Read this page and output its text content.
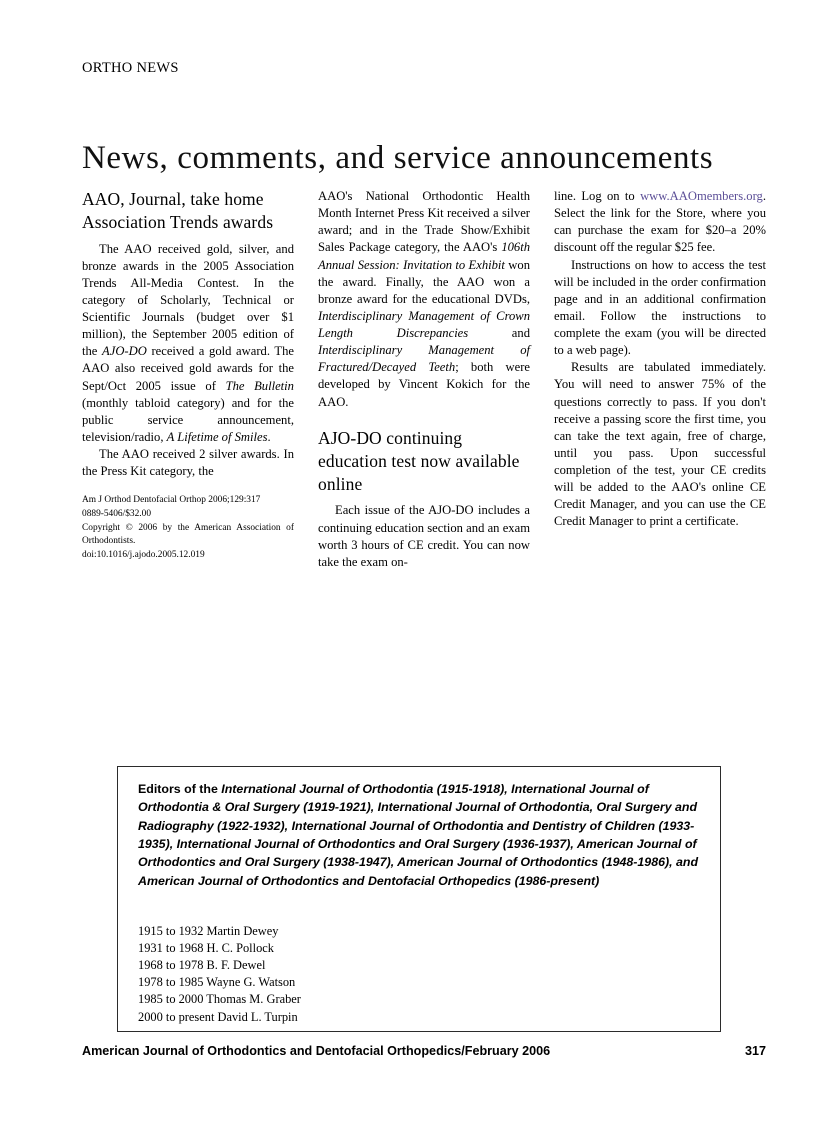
ORTHO NEWS
News, comments, and service announcements
AAO, Journal, take home Association Trends awards

The AAO received gold, silver, and bronze awards in the 2005 Association Trends All-Media Contest. In the category of Scholarly, Technical or Scientific Journals (budget over $1 million), the September 2005 edition of the AJO-DO received a gold award. The AAO also received gold awards for the Sept/Oct 2005 issue of The Bulletin (monthly tabloid category) and for the public service announcement, television/radio, A Lifetime of Smiles.

The AAO received 2 silver awards. In the Press Kit category, the

Am J Orthod Dentofacial Orthop 2006;129:317
0889-5406/$32.00
Copyright © 2006 by the American Association of Orthodontists.
doi:10.1016/j.ajodo.2005.12.019

AAO's National Orthodontic Health Month Internet Press Kit received a silver award; and in the Trade Show/Exhibit Sales Package category, the AAO's 106th Annual Session: Invitation to Exhibit won the award. Finally, the AAO won a bronze award for the educational DVDs, Interdisciplinary Management of Crown Length Discrepancies and Interdisciplinary Management of Fractured/Decayed Teeth; both were developed by Vincent Kokich for the AAO.

AJO-DO continuing education test now available online

Each issue of the AJO-DO includes a continuing education section and an exam worth 3 hours of CE credit. You can now take the exam on-

line. Log on to www.AAOmembers.org. Select the link for the Store, where you can purchase the exam for $20–a 20% discount off the regular $25 fee.

Instructions on how to access the test will be included in the order confirmation page and in an additional confirmation email. Follow the instructions to complete the exam (you will be directed to a web page).

Results are tabulated immediately. You will need to answer 75% of the questions correctly to pass. If you don't receive a passing score the first time, you can take the text again, free of charge, until you pass. Upon successful completion of the test, your CE credits will be added to the AAO's online CE Credit Manager, and you can use the CE Credit Manager to print a certificate.

Editors of the International Journal of Orthodontia (1915-1918), International Journal of Orthodontia & Oral Surgery (1919-1921), International Journal of Orthodontia, Oral Surgery and Radiography (1922-1932), International Journal of Orthodontia and Dentistry of Children (1933-1935), International Journal of Orthodontics and Oral Surgery (1936-1937), American Journal of Orthodontics and Oral Surgery (1938-1947), American Journal of Orthodontics (1948-1986), and American Journal of Orthodontics and Dentofacial Orthopedics (1986-present)
1915 to 1932 Martin Dewey
1931 to 1968 H. C. Pollock
1968 to 1978 B. F. Dewel
1978 to 1985 Wayne G. Watson
1985 to 2000 Thomas M. Graber
2000 to present David L. Turpin
American Journal of Orthodontics and Dentofacial Orthopedics/February 2006	317
